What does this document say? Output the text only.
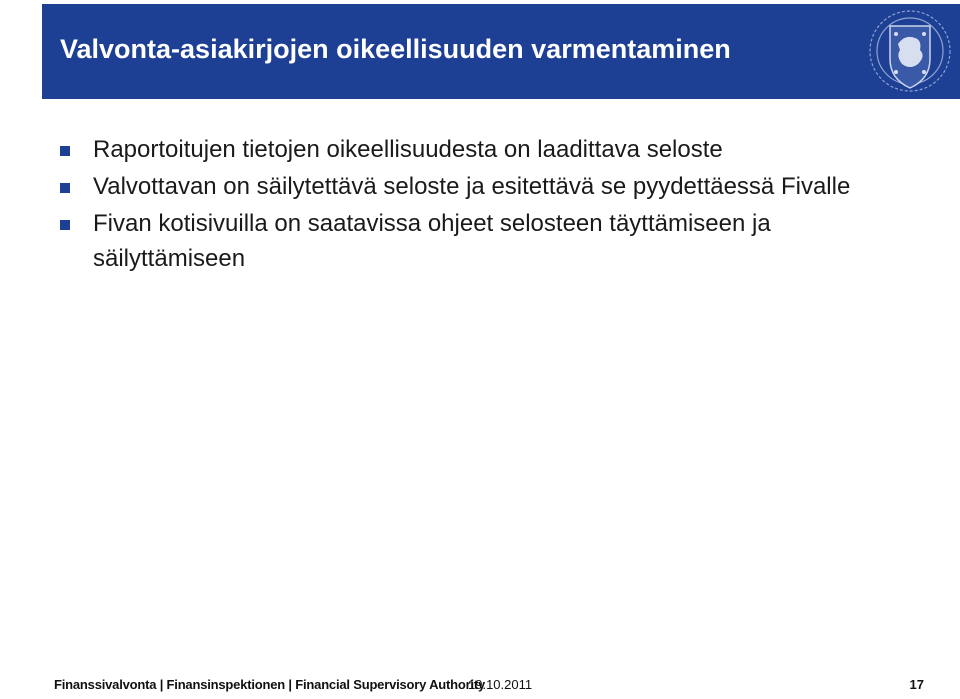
Valvonta-asiakirjojen oikeellisuuden varmentaminen
Raportoitujen tietojen oikeellisuudesta on laadittava seloste
Valvottavan on säilytettävä seloste ja esitettävä se pyydettäessä Fivalle
Fivan kotisivuilla on saatavissa ohjeet selosteen täyttämiseen ja säilyttämiseen
Finanssivalvonta | Finansinspektionen | Financial Supervisory Authority
19.10.2011	17
